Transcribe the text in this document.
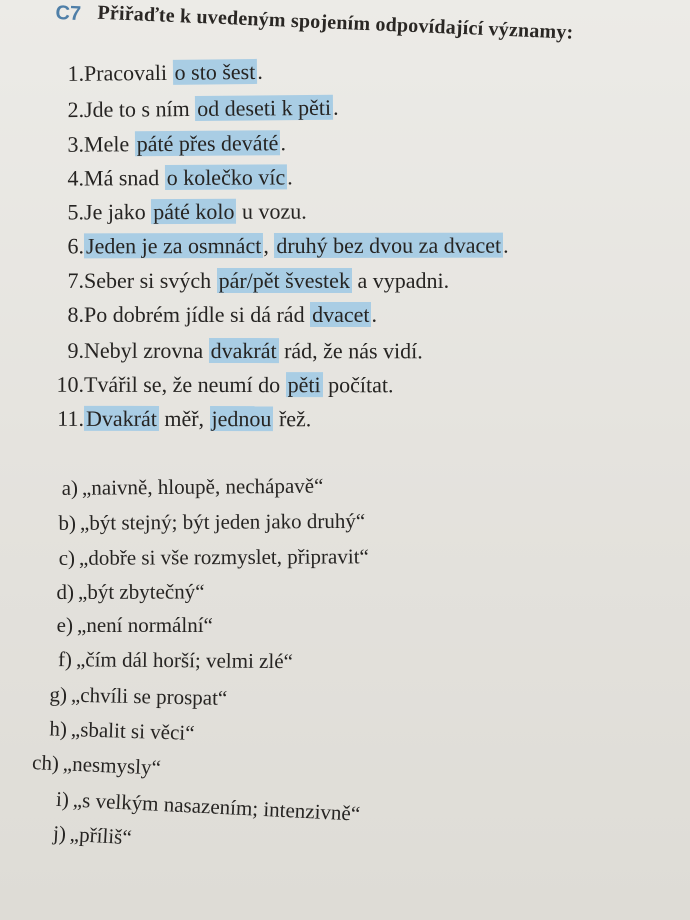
C7 Přiřaďte k uvedeným spojením odpovídající významy:
1.Pracovali o sto šest.
2.Jde to s ním od deseti k pěti.
3.Mele páté přes deváté.
4.Má snad o kolečko víc.
5.Je jako páté kolo u vozu.
6.Jeden je za osmnáct, druhý bez dvou za dvacet.
7.Seber si svých pár/pět švestek a vypadni.
8.Po dobrém jídle si dá rád dvacet.
9.Nebyl zrovna dvakrát rád, že nás vidí.
10.Tvářil se, že neumí do pěti počítat.
11.Dvakrát měř, jednou řež.
a) „naivně, hloupě, nechápavě“
b) „být stejný; být jeden jako druhý“
c) „dobře si vše rozmyslet, připravit“
d) „být zbytečný“
e) „není normální“
f) „čím dál horší; velmi zlé“
g) „chvíli se prospat“
h) „sbalit si věci“
ch) „nesmysly“
i) „s velkým nasazením; intenzivně“
j) „příliš“
